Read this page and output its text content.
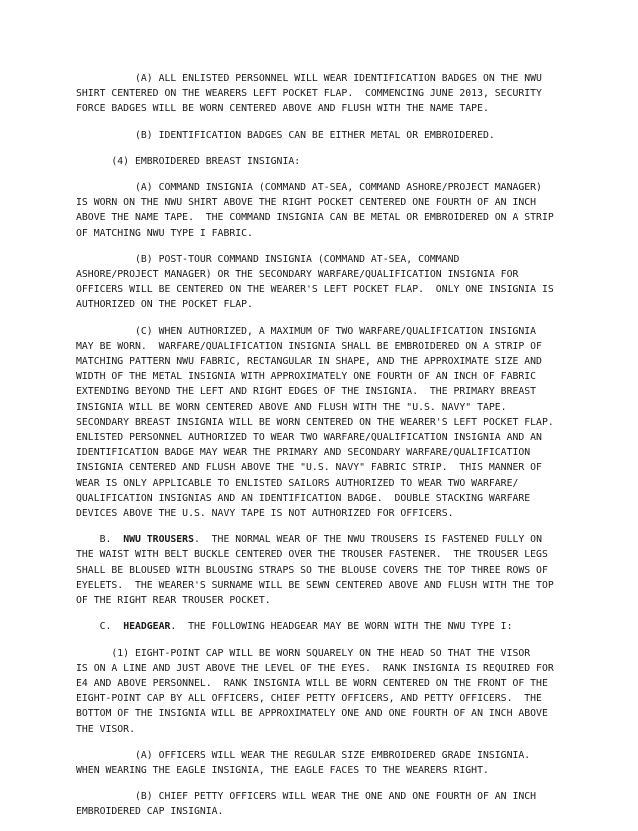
(A) ALL ENLISTED PERSONNEL WILL WEAR IDENTIFICATION BADGES ON THE NWU
SHIRT CENTERED ON THE WEARERS LEFT POCKET FLAP.  COMMENCING JUNE 2013, SECURITY
FORCE BADGES WILL BE WORN CENTERED ABOVE AND FLUSH WITH THE NAME TAPE.
(B) IDENTIFICATION BADGES CAN BE EITHER METAL OR EMBROIDERED.
(4) EMBROIDERED BREAST INSIGNIA:
(A) COMMAND INSIGNIA (COMMAND AT-SEA, COMMAND ASHORE/PROJECT MANAGER)
IS WORN ON THE NWU SHIRT ABOVE THE RIGHT POCKET CENTERED ONE FOURTH OF AN INCH
ABOVE THE NAME TAPE.  THE COMMAND INSIGNIA CAN BE METAL OR EMBROIDERED ON A STRIP
OF MATCHING NWU TYPE I FABRIC.
(B) POST-TOUR COMMAND INSIGNIA (COMMAND AT-SEA, COMMAND
ASHORE/PROJECT MANAGER) OR THE SECONDARY WARFARE/QUALIFICATION INSIGNIA FOR
OFFICERS WILL BE CENTERED ON THE WEARER'S LEFT POCKET FLAP.  ONLY ONE INSIGNIA IS
AUTHORIZED ON THE POCKET FLAP.
(C) WHEN AUTHORIZED, A MAXIMUM OF TWO WARFARE/QUALIFICATION INSIGNIA
MAY BE WORN.  WARFARE/QUALIFICATION INSIGNIA SHALL BE EMBROIDERED ON A STRIP OF
MATCHING PATTERN NWU FABRIC, RECTANGULAR IN SHAPE, AND THE APPROXIMATE SIZE AND
WIDTH OF THE METAL INSIGNIA WITH APPROXIMATELY ONE FOURTH OF AN INCH OF FABRIC
EXTENDING BEYOND THE LEFT AND RIGHT EDGES OF THE INSIGNIA.  THE PRIMARY BREAST
INSIGNIA WILL BE WORN CENTERED ABOVE AND FLUSH WITH THE "U.S. NAVY" TAPE.
SECONDARY BREAST INSIGNIA WILL BE WORN CENTERED ON THE WEARER'S LEFT POCKET FLAP.
ENLISTED PERSONNEL AUTHORIZED TO WEAR TWO WARFARE/QUALIFICATION INSIGNIA AND AN
IDENTIFICATION BADGE MAY WEAR THE PRIMARY AND SECONDARY WARFARE/QUALIFICATION
INSIGNIA CENTERED AND FLUSH ABOVE THE "U.S. NAVY" FABRIC STRIP.  THIS MANNER OF
WEAR IS ONLY APPLICABLE TO ENLISTED SAILORS AUTHORIZED TO WEAR TWO WARFARE/
QUALIFICATION INSIGNIAS AND AN IDENTIFICATION BADGE.  DOUBLE STACKING WARFARE
DEVICES ABOVE THE U.S. NAVY TAPE IS NOT AUTHORIZED FOR OFFICERS.
B.  NWU TROUSERS.  THE NORMAL WEAR OF THE NWU TROUSERS IS FASTENED FULLY ON
THE WAIST WITH BELT BUCKLE CENTERED OVER THE TROUSER FASTENER.  THE TROUSER LEGS
SHALL BE BLOUSED WITH BLOUSING STRAPS SO THE BLOUSE COVERS THE TOP THREE ROWS OF
EYELETS.  THE WEARER'S SURNAME WILL BE SEWN CENTERED ABOVE AND FLUSH WITH THE TOP
OF THE RIGHT REAR TROUSER POCKET.
C.  HEADGEAR.  THE FOLLOWING HEADGEAR MAY BE WORN WITH THE NWU TYPE I:
(1) EIGHT-POINT CAP WILL BE WORN SQUARELY ON THE HEAD SO THAT THE VISOR
IS ON A LINE AND JUST ABOVE THE LEVEL OF THE EYES.  RANK INSIGNIA IS REQUIRED FOR
E4 AND ABOVE PERSONNEL.  RANK INSIGNIA WILL BE WORN CENTERED ON THE FRONT OF THE
EIGHT-POINT CAP BY ALL OFFICERS, CHIEF PETTY OFFICERS, AND PETTY OFFICERS.  THE
BOTTOM OF THE INSIGNIA WILL BE APPROXIMATELY ONE AND ONE FOURTH OF AN INCH ABOVE
THE VISOR.
(A) OFFICERS WILL WEAR THE REGULAR SIZE EMBROIDERED GRADE INSIGNIA.
WHEN WEARING THE EAGLE INSIGNIA, THE EAGLE FACES TO THE WEARERS RIGHT.
(B) CHIEF PETTY OFFICERS WILL WEAR THE ONE AND ONE FOURTH OF AN INCH
EMBROIDERED CAP INSIGNIA.
